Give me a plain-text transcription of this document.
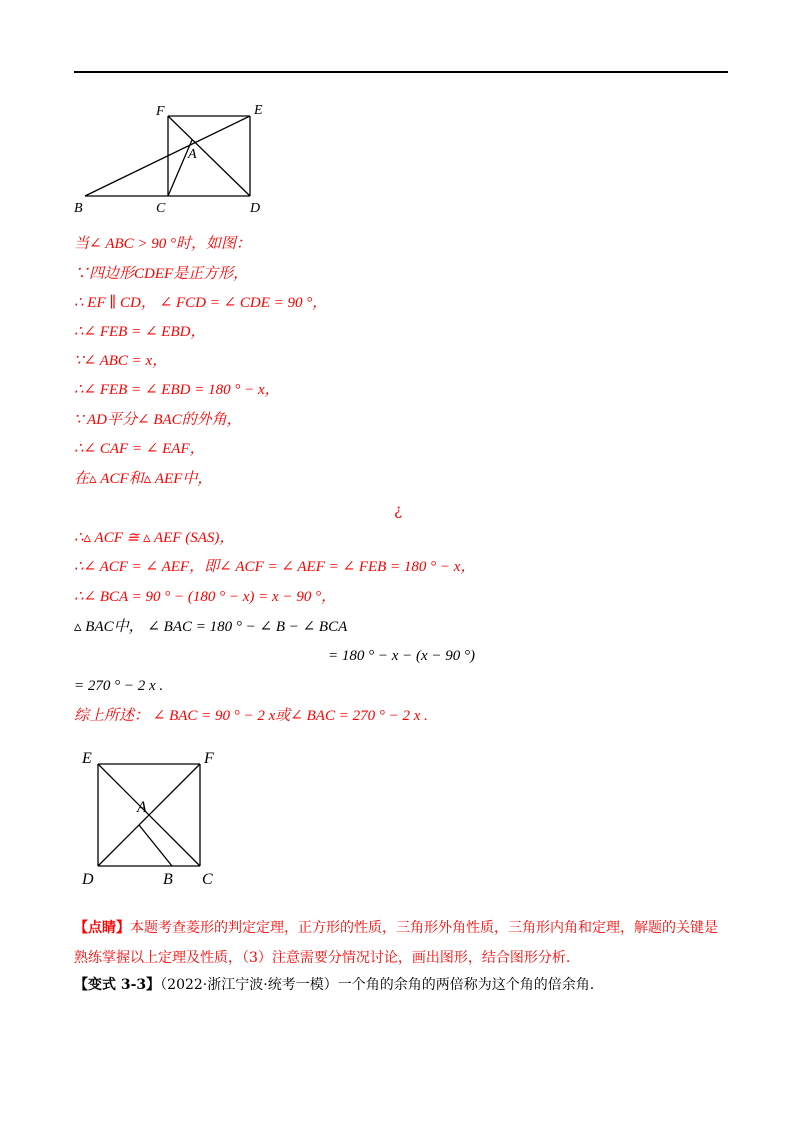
F	E
A
B	C	D
当∠ ABC > 90 °时，如图：
∵四边形CDEF是正方形，
∴ EF ∥ CD， ∠ FCD = ∠ CDE = 90 °，
∴∠ FEB = ∠ EBD，
∵∠ ABC = x，
∴∠ FEB = ∠ EBD = 180 ° − x，
∵ AD平分∠ BAC的外角，
∴∠ CAF = ∠ EAF，
在▵ ACF和▵ AEF中，
¿
∴▵ ACF ≅ ▵ AEF (SAS)，
∴∠ ACF = ∠ AEF，即∠ ACF = ∠ AEF = ∠ FEB = 180 ° − x，
∴∠ BCA = 90 ° − (180 ° − x) = x − 90 °，
▵ BAC中， ∠ BAC = 180 ° − ∠ B − ∠ BCA
= 180 ° − x − (x − 90 °)
= 270 ° − 2 x .
综上所述： ∠ BAC = 90 ° − 2 x或∠ BAC = 270 ° − 2 x .
E	F
A
D	B C
【点睛】本题考查菱形的判定定理，正方形的性质，三角形外角性质，三角形内角和定理，解题的关键是
熟练掌握以上定理及性质，（3）注意需要分情况讨论，画出图形，结合图形分析.
【变式 3-3】（2022·浙江宁波·统考一模）一个角的余角的两倍称为这个角的倍余角.
